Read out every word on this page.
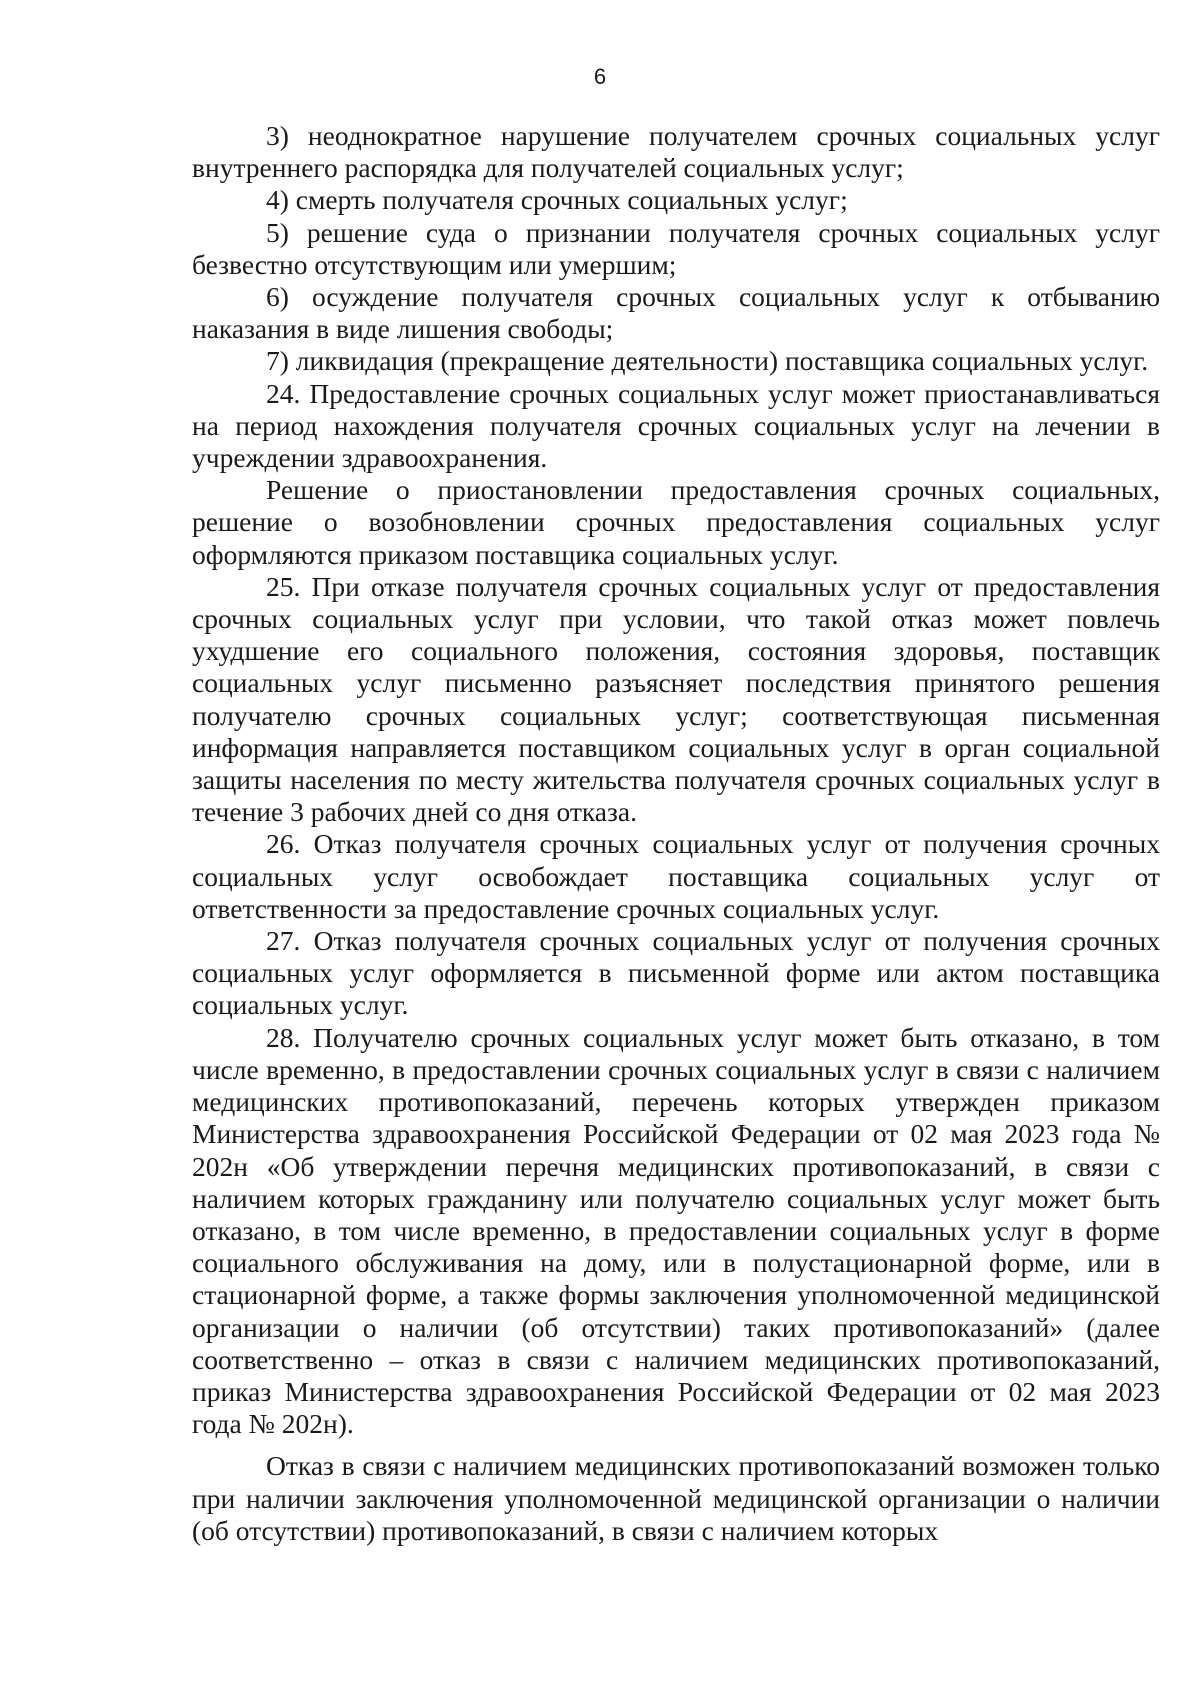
6

3) неоднократное нарушение получателем срочных социальных услуг внутреннего распорядка для получателей социальных услуг;

4) смерть получателя срочных социальных услуг;

5) решение суда о признании получателя срочных социальных услуг безвестно отсутствующим или умершим;

6) осуждение получателя срочных социальных услуг к отбыванию наказания в виде лишения свободы;

7) ликвидация (прекращение деятельности) поставщика социальных услуг.

24. Предоставление срочных социальных услуг может приостанавливаться на период нахождения получателя срочных социальных услуг на лечении в учреждении здравоохранения.

Решение о приостановлении предоставления срочных социальных, решение о возобновлении срочных предоставления социальных услуг оформляются приказом поставщика социальных услуг.

25. При отказе получателя срочных социальных услуг от предоставления срочных социальных услуг при условии, что такой отказ может повлечь ухудшение его социального положения, состояния здоровья, поставщик социальных услуг письменно разъясняет последствия принятого решения получателю срочных социальных услуг; соответствующая письменная информация направляется поставщиком социальных услуг в орган социальной защиты населения по месту жительства получателя срочных социальных услуг в течение 3 рабочих дней со дня отказа.

26. Отказ получателя срочных социальных услуг от получения срочных социальных услуг освобождает поставщика социальных услуг от ответственности за предоставление срочных социальных услуг.

27. Отказ получателя срочных социальных услуг от получения срочных социальных услуг оформляется в письменной форме или актом поставщика социальных услуг.

28. Получателю срочных социальных услуг может быть отказано, в том числе временно, в предоставлении срочных социальных услуг в связи с наличием медицинских противопоказаний, перечень которых утвержден приказом Министерства здравоохранения Российской Федерации от 02 мая 2023 года № 202н «Об утверждении перечня медицинских противопоказаний, в связи с наличием которых гражданину или получателю социальных услуг может быть отказано, в том числе временно, в предоставлении социальных услуг в форме социального обслуживания на дому, или в полустационарной форме, или в стационарной форме, а также формы заключения уполномоченной медицинской организации о наличии (об отсутствии) таких противопоказаний» (далее соответственно – отказ в связи с наличием медицинских противопоказаний, приказ Министерства здравоохранения Российской Федерации от 02 мая 2023 года № 202н).

Отказ в связи с наличием медицинских противопоказаний возможен только при наличии заключения уполномоченной медицинской организации о наличии (об отсутствии) противопоказаний, в связи с наличием которых
